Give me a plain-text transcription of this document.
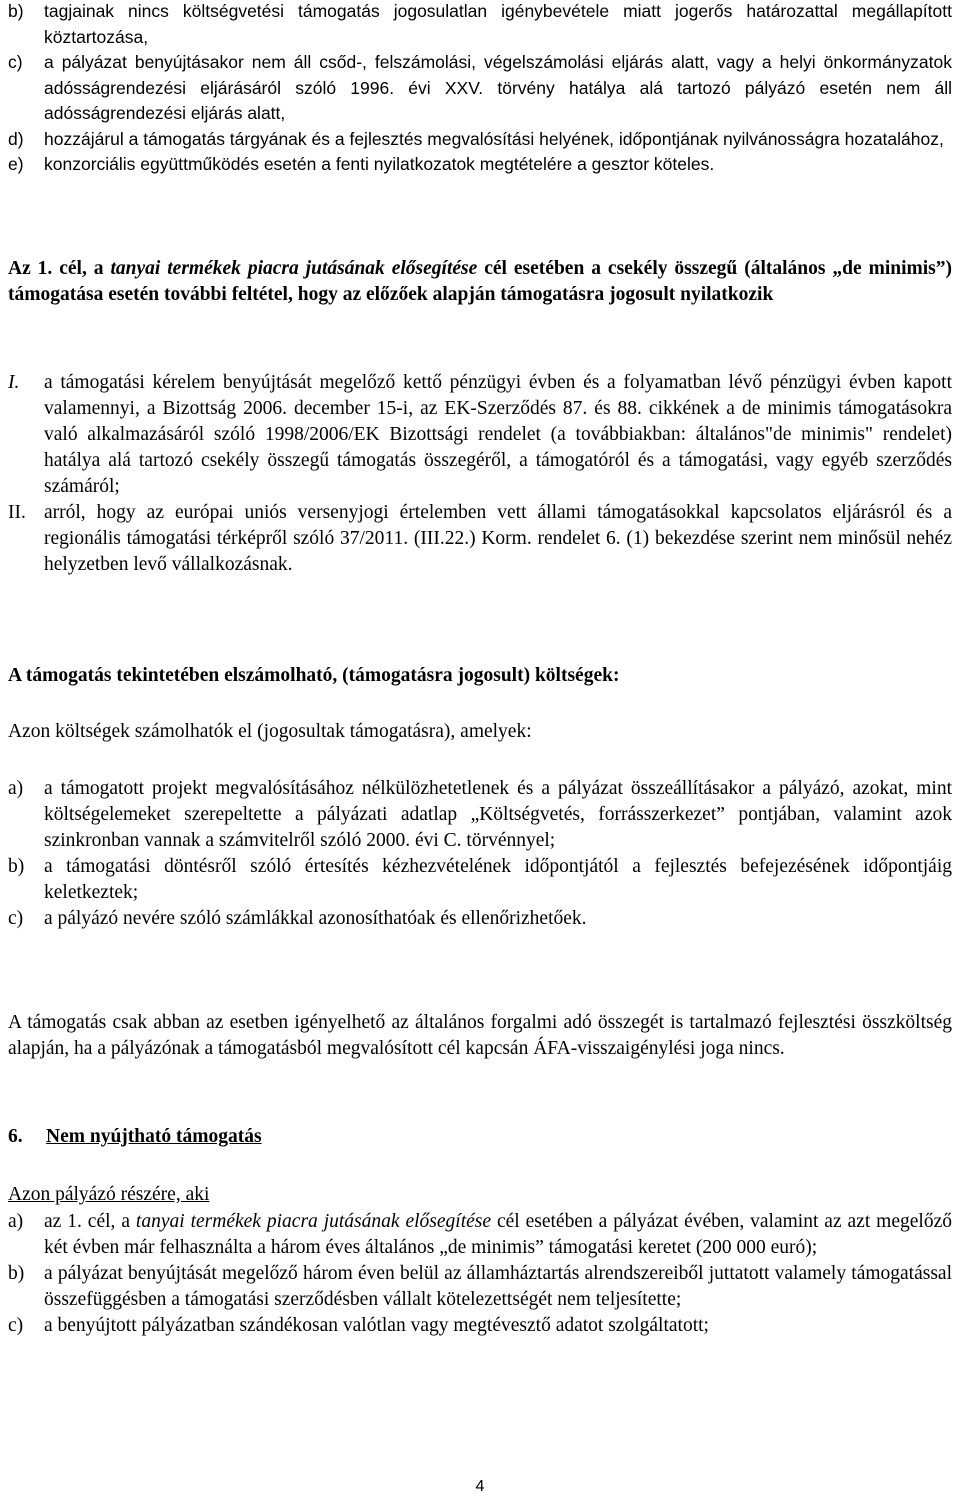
b)	tagjainak nincs költségvetési támogatás jogosulatlan igénybevétele miatt jogerős határozattal megállapított köztartozása,
c)	a pályázat benyújtásakor nem áll csőd-, felszámolási, végelszámolási eljárás alatt, vagy a helyi önkormányzatok adósságrendezési eljárásáról szóló 1996. évi XXV. törvény hatálya alá tartozó pályázó esetén nem áll adósságrendezési eljárás alatt,
d)	hozzájárul a támogatás tárgyának és a fejlesztés megvalósítási helyének, időpontjának nyilvánosságra hozatalához,
e)	konzorciális együttműködés esetén a fenti nyilatkozatok megtételére a gesztor köteles.
Az 1. cél, a tanyai termékek piacra jutásának elősegítése cél esetében a csekély összegű (általános „de minimis”) támogatása esetén további feltétel, hogy az előzőek alapján támogatásra jogosult nyilatkozik
I.	a támogatási kérelem benyújtását megelőző kettő pénzügyi évben és a folyamatban lévő pénzügyi évben kapott valamennyi, a Bizottság 2006. december 15-i, az EK-Szerződés 87. és 88. cikkének a de minimis támogatásokra való alkalmazásáról szóló 1998/2006/EK Bizottsági rendelet (a továbbiakban: általános"de minimis" rendelet) hatálya alá tartozó csekély összegű támogatás összegéről, a támogatóról és a támogatási, vagy egyéb szerződés számáról;
II. arról, hogy az európai uniós versenyjogi értelemben vett állami támogatásokkal kapcsolatos eljárásról és a regionális támogatási térképről szóló 37/2011. (III.22.) Korm. rendelet 6. (1) bekezdése szerint nem minősül nehéz helyzetben levő vállalkozásnak.
A támogatás tekintetében elszámolható, (támogatásra jogosult) költségek:
Azon költségek számolhatók el (jogosultak támogatásra), amelyek:
a)	a támogatott projekt megvalósításához nélkülözhetetlenek és a pályázat összeállításakor a pályázó, azokat, mint költségelemeket szerepeltette a pályázati adatlap „Költségvetés, forrásszerkezet” pontjában, valamint azok szinkronban vannak a számvitelről szóló 2000. évi C. törvénnyel;
b)	a támogatási döntésről szóló értesítés kézhezvételének időpontjától a fejlesztés befejezésének időpontjáig keletkeztek;
c)	a pályázó nevére szóló számlákkal azonosíthatóak és ellenőrizhetőek.
A támogatás csak abban az esetben igényelhető az általános forgalmi adó összegét is tartalmazó fejlesztési összköltség alapján, ha a pályázónak a támogatásból megvalósított cél kapcsán ÁFA-visszaigénylési joga nincs.
6. Nem nyújtható támogatás
Azon pályázó részére, aki
a)	az 1. cél, a tanyai termékek piacra jutásának elősegítése cél esetében a pályázat évében, valamint az azt megelőző két évben már felhasználta a három éves általános „de minimis” támogatási keretet (200 000 euró);
b)	a pályázat benyújtását megelőző három éven belül az államháztartás alrendszereiből juttatott valamely támogatással összefüggésben a támogatási szerződésben vállalt kötelezettségét nem teljesítette;
c)	a benyújtott pályázatban szándékosan valótlan vagy megtévesztő adatot szolgáltatott;
4
